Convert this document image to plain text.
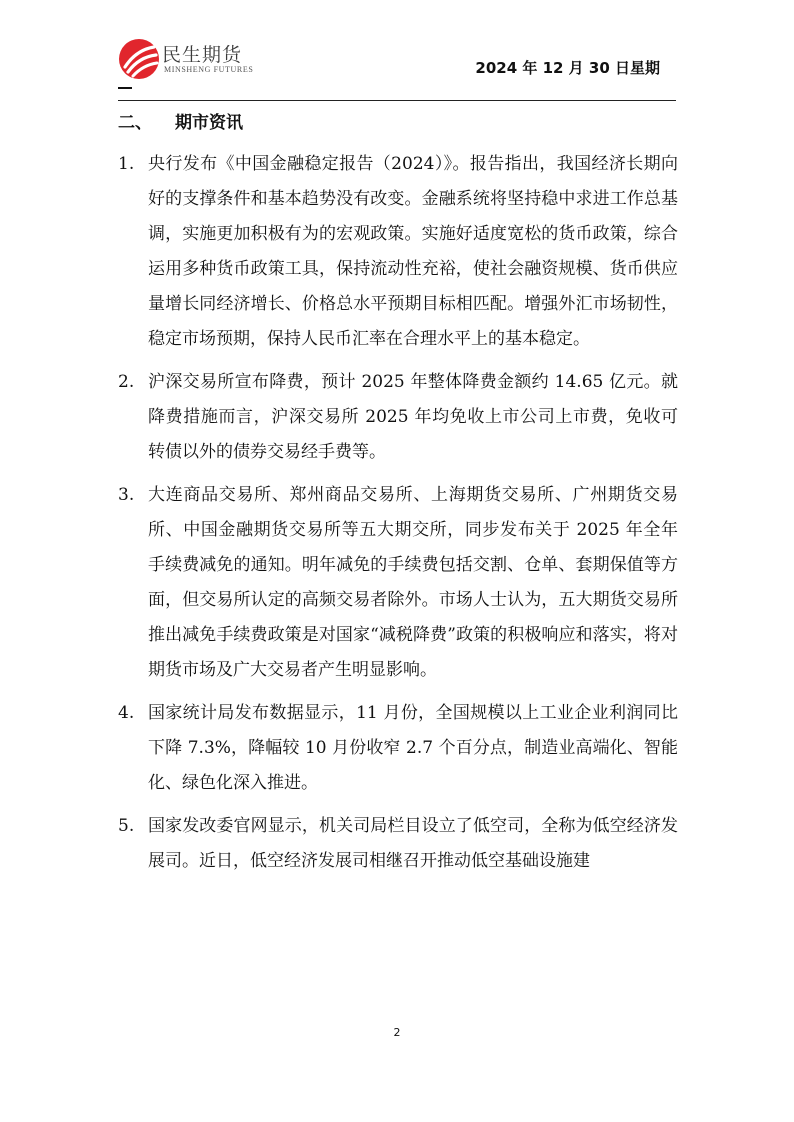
民生期货
MINSHENG FUTURES	2024 年 12 月 30 日星期
二、 期市资讯
1. 央行发布《中国金融稳定报告（2024）》。报告指出，我国经济长期向好的支撑条件和基本趋势没有改变。金融系统将坚持稳中求进工作总基调，实施更加积极有为的宏观政策。实施好适度宽松的货币政策，综合运用多种货币政策工具，保持流动性充裕，使社会融资规模、货币供应量增长同经济增长、价格总水平预期目标相匹配。增强外汇市场韧性，稳定市场预期，保持人民币汇率在合理水平上的基本稳定。
2. 沪深交易所宣布降费，预计 2025 年整体降费金额约 14.65 亿元。就降费措施而言，沪深交易所 2025 年均免收上市公司上市费，免收可转债以外的债券交易经手费等。
3. 大连商品交易所、郑州商品交易所、上海期货交易所、广州期货交易所、中国金融期货交易所等五大期交所，同步发布关于 2025 年全年手续费减免的通知。明年减免的手续费包括交割、仓单、套期保值等方面，但交易所认定的高频交易者除外。市场人士认为，五大期货交易所推出减免手续费政策是对国家“减税降费”政策的积极响应和落实，将对期货市场及广大交易者产生明显影响。
4. 国家统计局发布数据显示，11 月份，全国规模以上工业企业利润同比下降 7.3%，降幅较 10 月份收窄 2.7 个百分点，制造业高端化、智能化、绿色化深入推进。
5. 国家发改委官网显示，机关司局栏目设立了低空司，全称为低空经济发展司。近日，低空经济发展司相继召开推动低空基础设施建
2
